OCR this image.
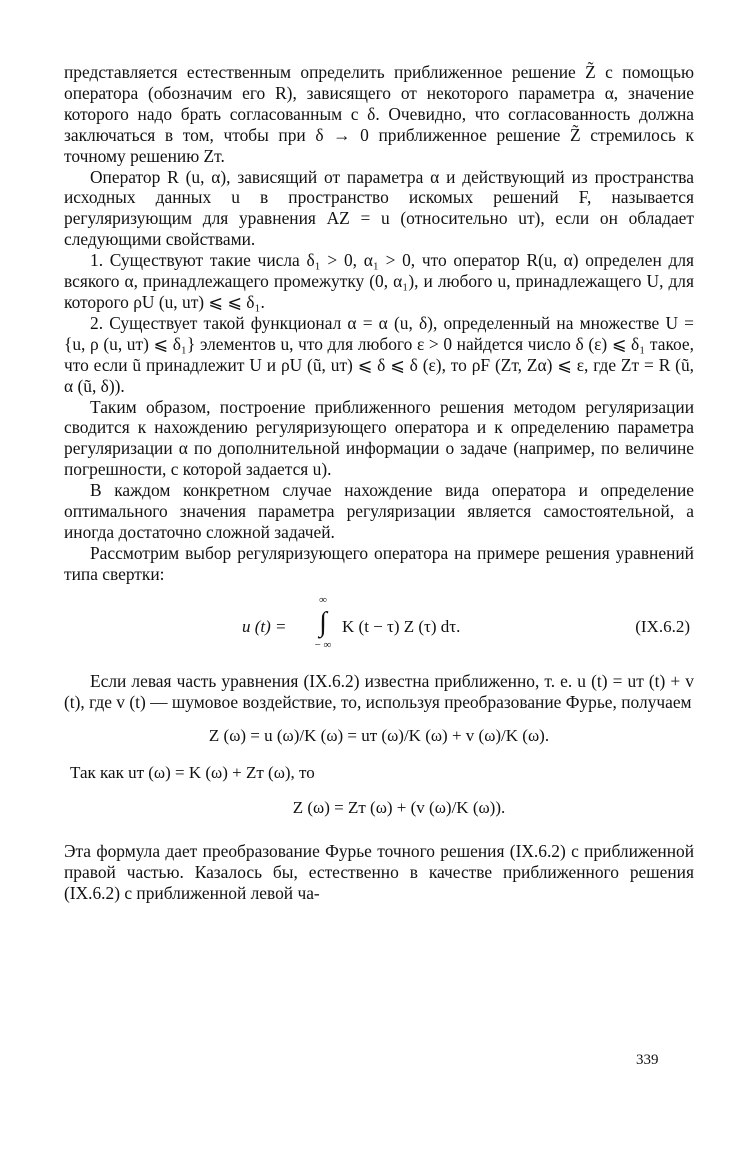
представляется естественным определить приближенное решение Z̃ с помощью оператора (обозначим его R), зависящего от некоторого параметра α, значение которого надо брать согласованным с δ. Очевидно, что согласованность должна заключаться в том, чтобы при δ → 0 приближенное решение Z̃ стремилось к точному решению Zт.

Оператор R (u, α), зависящий от параметра α и действующий из пространства исходных данных u в пространство искомых решений F, называется регуляризующим для уравнения AZ = u (относительно uт), если он обладает следующими свойствами.

1. Существуют такие числа δ₁ > 0, α₁ > 0, что оператор R(u, α) определен для всякого α, принадлежащего промежутку (0, α₁), и любого u, принадлежащего U, для которого ρU (u, uт) ⩽ ⩽ δ₁.

2. Существует такой функционал α = α (u, δ), определенный на множестве U = {u, ρ (u, uт) ⩽ δ₁} элементов u, что для любого ε > 0 найдется число δ (ε) ⩽ δ₁ такое, что если ũ принадлежит U и ρU (ũ, uт) ⩽ δ ⩽ δ (ε), то ρF (Zт, Zα) ⩽ ε, где Zт = R (ũ, α (ũ, δ)).

Таким образом, построение приближенного решения методом регуляризации сводится к нахождению регуляризующего оператора и к определению параметра регуляризации α по дополнительной информации о задаче (например, по величине погрешности, с которой задается u).

В каждом конкретном случае нахождение вида оператора и определение оптимального значения параметра регуляризации является самостоятельной, а иногда достаточно сложной задачей.

Рассмотрим выбор регуляризующего оператора на примере решения уравнений типа свертки:

u (t) =
∞
∫
− ∞
K (t − τ) Z (τ) dτ.	(IX.6.2)

Если левая часть уравнения (IX.6.2) известна приближенно, т. е. u (t) = uт (t) + v (t), где v (t) — шумовое воздействие, то, используя преобразование Фурье, получаем

Z (ω) = u (ω)/K (ω) = uт (ω)/K (ω) + v (ω)/K (ω).
Так как uт (ω) = K (ω) + Zт (ω), то
Z (ω) = Zт (ω) + (v (ω)/K (ω)).

Эта формула дает преобразование Фурье точного решения (IX.6.2) с приближенной правой частью. Казалось бы, естественно в качестве приближенного решения (IX.6.2) с приближенной левой ча-

339
